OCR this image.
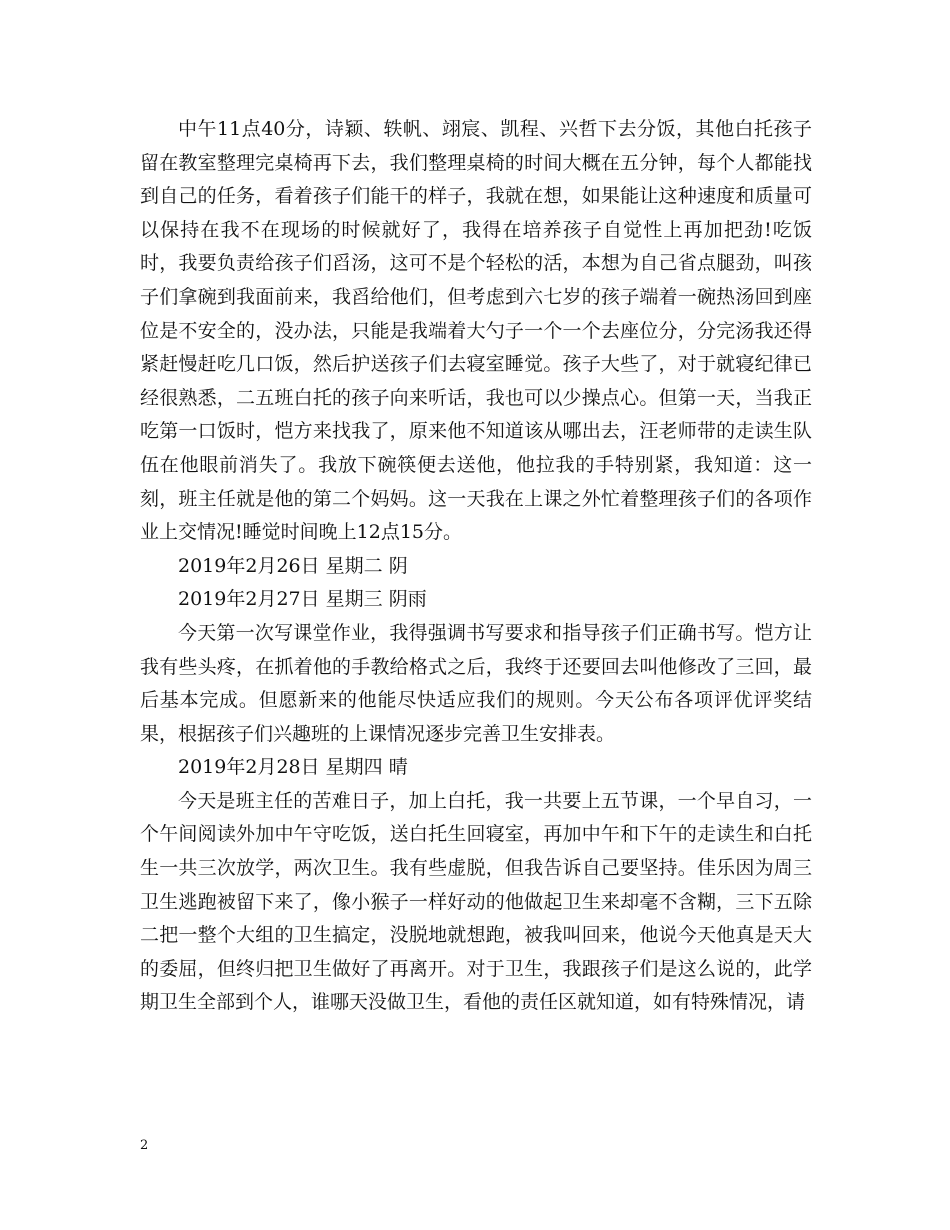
中午11点40分，诗颖、轶帆、翊宸、凯程、兴哲下去分饭，其他白托孩子留在教室整理完桌椅再下去，我们整理桌椅的时间大概在五分钟，每个人都能找到自己的任务，看着孩子们能干的样子，我就在想，如果能让这种速度和质量可以保持在我不在现场的时候就好了，我得在培养孩子自觉性上再加把劲!吃饭时，我要负责给孩子们舀汤，这可不是个轻松的活，本想为自己省点腿劲，叫孩子们拿碗到我面前来，我舀给他们，但考虑到六七岁的孩子端着一碗热汤回到座位是不安全的，没办法，只能是我端着大勺子一个一个去座位分，分完汤我还得紧赶慢赶吃几口饭，然后护送孩子们去寝室睡觉。孩子大些了，对于就寝纪律已经很熟悉，二五班白托的孩子向来听话，我也可以少操点心。但第一天，当我正吃第一口饭时，恺方来找我了，原来他不知道该从哪出去，汪老师带的走读生队伍在他眼前消失了。我放下碗筷便去送他，他拉我的手特别紧，我知道：这一刻，班主任就是他的第二个妈妈。这一天我在上课之外忙着整理孩子们的各项作业上交情况!睡觉时间晚上12点15分。

2019年2月26日 星期二 阴

2019年2月27日 星期三 阴雨

今天第一次写课堂作业，我得强调书写要求和指导孩子们正确书写。恺方让我有些头疼，在抓着他的手教给格式之后，我终于还要回去叫他修改了三回，最后基本完成。但愿新来的他能尽快适应我们的规则。今天公布各项评优评奖结果，根据孩子们兴趣班的上课情况逐步完善卫生安排表。

2019年2月28日 星期四 晴

今天是班主任的苦难日子，加上白托，我一共要上五节课，一个早自习，一个午间阅读外加中午守吃饭，送白托生回寝室，再加中午和下午的走读生和白托生一共三次放学，两次卫生。我有些虚脱，但我告诉自己要坚持。佳乐因为周三卫生逃跑被留下来了，像小猴子一样好动的他做起卫生来却毫不含糊，三下五除二把一整个大组的卫生搞定，没脱地就想跑，被我叫回来，他说今天他真是天大的委屈，但终归把卫生做好了再离开。对于卫生，我跟孩子们是这么说的，此学期卫生全部到个人，谁哪天没做卫生，看他的责任区就知道，如有特殊情况，请

2
